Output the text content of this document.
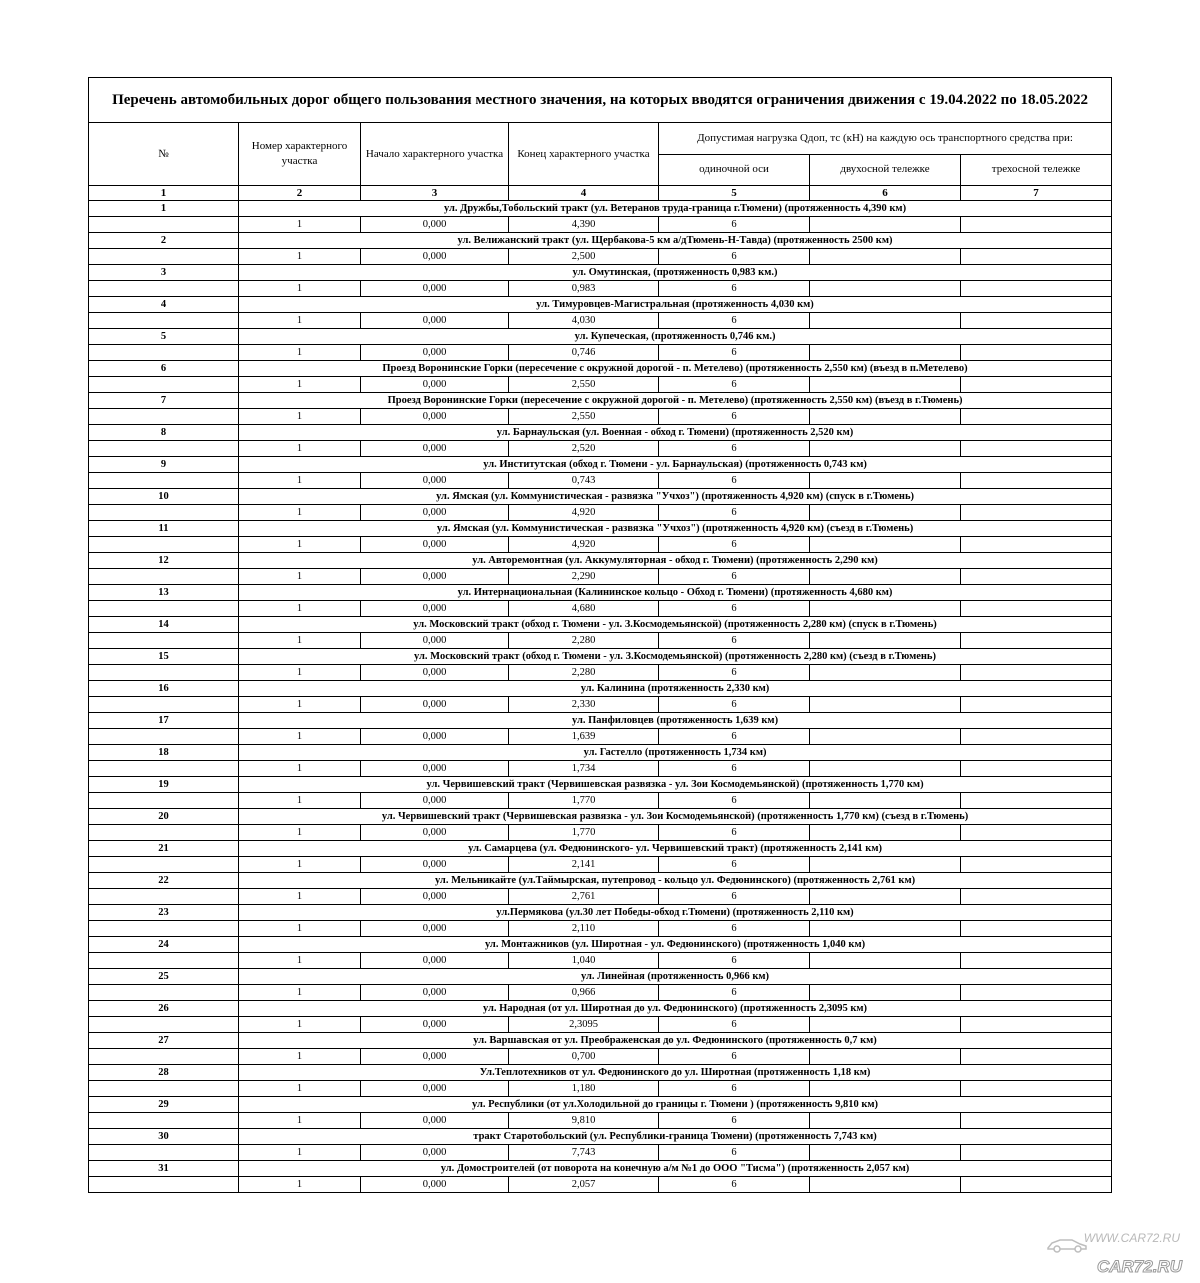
Перечень автомобильных дорог общего пользования местного значения, на которых вводятся ограничения движения с 19.04.2022 по 18.05.2022						
№	Номер характерного участка	Начало характерного участка	Конец характерного участка	Допустимая нагрузка Qдоп, тс (кН) на каждую ось транспортного средства при:		
				одиночной оси	двухосной тележке	трехосной тележке
1	2	3	4	5	6	7
1	ул. Дружбы,Тобольский тракт (ул. Ветеранов труда-граница г.Тюмени) (протяженность 4,390 км)					
	1	0,000	4,390	6		
2	ул. Велижанский тракт (ул. Щербакова-5 км а/дТюмень-Н-Тавда) (протяженность 2500 км)					
	1	0,000	2,500	6		
3	ул. Омутинская, (протяженность 0,983 км.)					
	1	0,000	0,983	6		
4	ул. Тимуровцев-Магистральная (протяженность 4,030 км)					
	1	0,000	4,030	6		
5	ул. Купеческая, (протяженность 0,746 км.)					
	1	0,000	0,746	6		
6	Проезд Воронинские Горки (пересечение с окружной дорогой - п. Метелево) (протяженность 2,550 км) (въезд в п.Метелево)					
	1	0,000	2,550	6		
7	Проезд Воронинские Горки (пересечение с окружной дорогой - п. Метелево) (протяженность 2,550 км) (въезд в г.Тюмень)					
	1	0,000	2,550	6		
8	ул. Барнаульская (ул. Военная - обход г. Тюмени) (протяженность 2,520 км)					
	1	0,000	2,520	6		
9	ул. Институтская (обход г. Тюмени - ул. Барнаульская) (протяженность 0,743 км)					
	1	0,000	0,743	6		
10	ул. Ямская (ул. Коммунистическая - развязка "Учхоз") (протяженность 4,920 км) (спуск в г.Тюмень)					
	1	0,000	4,920	6		
11	ул. Ямская (ул. Коммунистическая - развязка "Учхоз") (протяженность 4,920 км) (съезд в г.Тюмень)					
	1	0,000	4,920	6		
12	ул. Авторемонтная (ул. Аккумуляторная - обход г. Тюмени) (протяженность 2,290 км)					
	1	0,000	2,290	6		
13	ул. Интернациональная (Калининское кольцо - Обход г. Тюмени) (протяженность 4,680 км)					
	1	0,000	4,680	6		
14	ул. Московский тракт (обход г. Тюмени - ул. З.Космодемьянской) (протяженность 2,280 км) (спуск в г.Тюмень)					
	1	0,000	2,280	6		
15	ул. Московский тракт (обход г. Тюмени - ул. З.Космодемьянской) (протяженность 2,280 км) (съезд в г.Тюмень)					
	1	0,000	2,280	6		
16	ул. Калинина (протяженность 2,330 км)					
	1	0,000	2,330	6		
17	ул. Панфиловцев (протяженность 1,639 км)					
	1	0,000	1,639	6		
18	ул. Гастелло (протяженность 1,734 км)					
	1	0,000	1,734	6		
19	ул. Червишевский тракт (Червишевская развязка - ул. Зои Космодемьянской) (протяженность 1,770 км)					
	1	0,000	1,770	6		
20	ул. Червишевский тракт (Червишевская развязка - ул. Зои Космодемьянской) (протяженность 1,770 км) (съезд в г.Тюмень)					
	1	0,000	1,770	6		
21	ул. Самарцева (ул. Федюнинского- ул. Червишевский тракт) (протяженность 2,141 км)					
	1	0,000	2,141	6		
22	ул. Мельникайте (ул.Таймырская, путепровод - кольцо ул. Федюнинского) (протяженность 2,761 км)					
	1	0,000	2,761	6		
23	ул.Пермякова (ул.30 лет Победы-обход г.Тюмени) (протяженность 2,110 км)					
	1	0,000	2,110	6		
24	ул. Монтажников (ул. Широтная - ул. Федюнинского) (протяженность 1,040 км)					
	1	0,000	1,040	6		
25	ул. Линейная (протяженность 0,966 км)					
	1	0,000	0,966	6		
26	ул. Народная (от ул. Широтная до ул. Федюнинского) (протяженность 2,3095 км)					
	1	0,000	2,3095	6		
27	ул. Варшавская от ул. Преображенская до ул. Федюнинского (протяженность 0,7 км)					
	1	0,000	0,700	6		
28	Ул.Теплотехников от ул. Федюнинского до ул. Широтная (протяженность 1,18 км)					
	1	0,000	1,180	6		
29	ул. Республики (от ул.Холодильной до границы г. Тюмени ) (протяженность 9,810 км)					
	1	0,000	9,810	6		
30	тракт Старотобольский (ул. Республики-граница Тюмени) (протяженность 7,743 км)					
	1	0,000	7,743	6		
31	ул. Домостроителей (от поворота на конечную а/м №1 до ООО "Тисма") (протяженность 2,057 км)					
	1	0,000	2,057	6		
WWW.CAR72.RU
CAR72.RU
